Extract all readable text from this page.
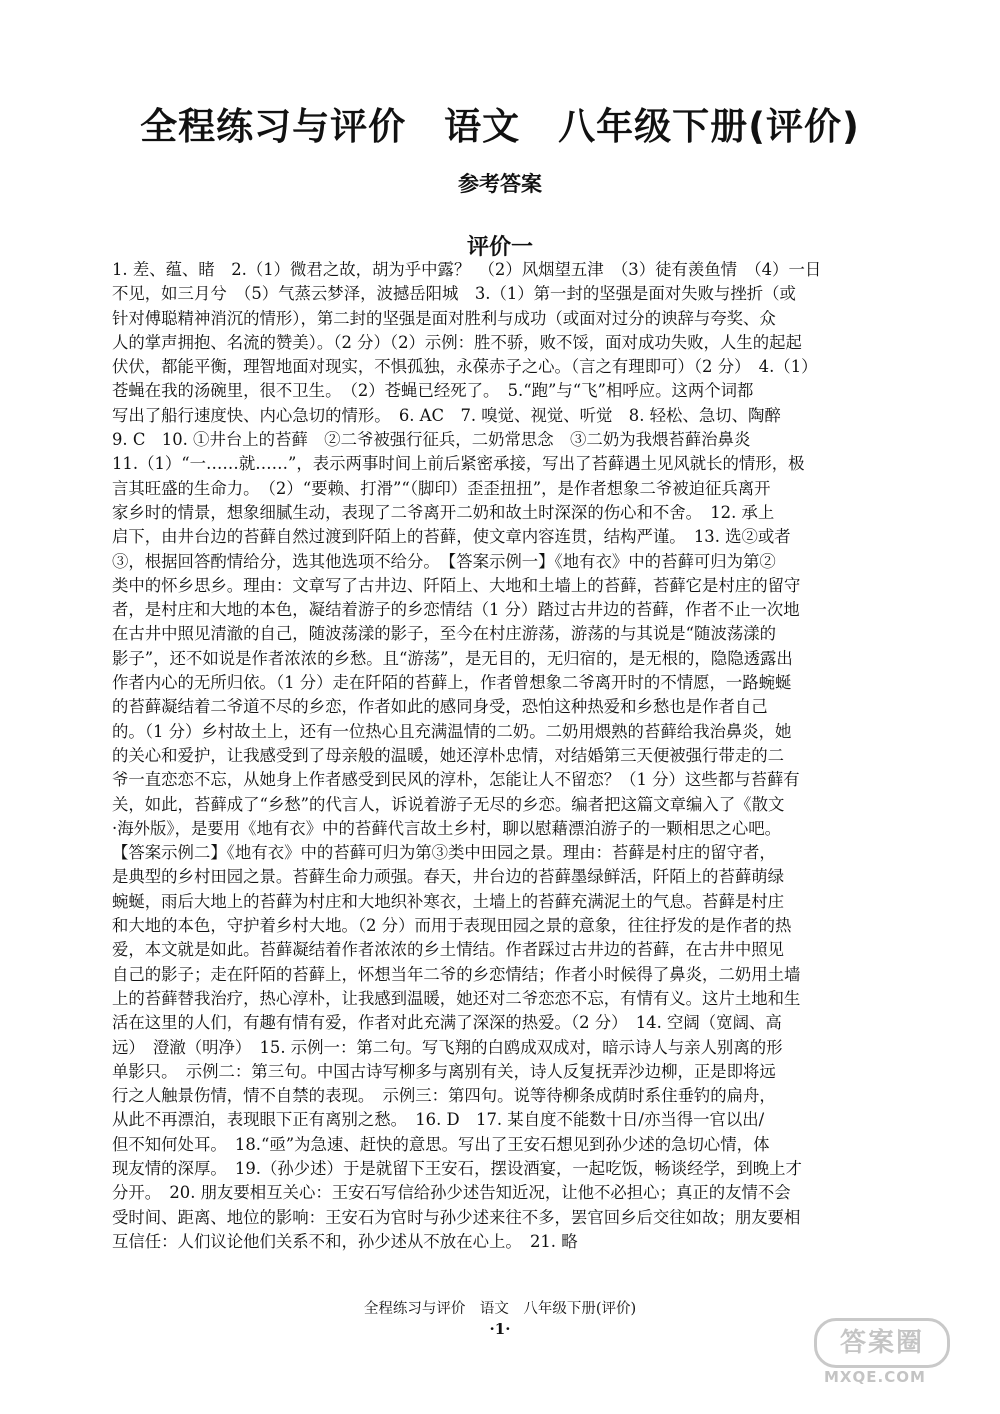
全程练习与评价　语文　八年级下册(评价)
参考答案
评价一
1. 差、蕴、睹　2.（1）微君之故，胡为乎中露？　（2）风烟望五津　（3）徒有羡鱼情　（4）一日
不见，如三月兮　（5）气蒸云梦泽，波撼岳阳城　3.（1）第一封的坚强是面对失败与挫折（或
针对傅聪精神消沉的情形），第二封的坚强是面对胜利与成功（或面对过分的谀辞与夸奖、众
人的掌声拥抱、名流的赞美）。（2 分）（2）示例：胜不骄，败不馁，面对成功失败，人生的起起
伏伏，都能平衡，理智地面对现实，不惧孤独，永葆赤子之心。（言之有理即可）（2 分）　4.（1）
苍蝇在我的汤碗里，很不卫生。　（2）苍蝇已经死了。　5.“跑”与“飞”相呼应。这两个词都
写出了船行速度快、内心急切的情形。　6. AC　7. 嗅觉、视觉、听觉　8. 轻松、急切、陶醉
9. C　10. ①井台上的苔藓　②二爷被强行征兵，二奶常思念　③二奶为我煨苔藓治鼻炎
11.（1）“一……就……”，表示两事时间上前后紧密承接，写出了苔藓遇土见风就长的情形，极
言其旺盛的生命力。　（2）“要赖、打滑”“（脚印）歪歪扭扭”，是作者想象二爷被迫征兵离开
家乡时的情景，想象细腻生动，表现了二爷离开二奶和故土时深深的伤心和不舍。　12. 承上
启下，由井台边的苔藓自然过渡到阡陌上的苔藓，使文章内容连贯，结构严谨。　13. 选②或者
③，根据回答酌情给分，选其他选项不给分。　【答案示例一】《地有衣》中的苔藓可归为第②
类中的怀乡思乡。理由：文章写了古井边、阡陌上、大地和土墙上的苔藓，苔藓它是村庄的留守
者，是村庄和大地的本色，凝结着游子的乡恋情结（1 分）踏过古井边的苔藓，作者不止一次地
在古井中照见清澈的自己，随波荡漾的影子，至今在村庄游荡，游荡的与其说是“随波荡漾的
影子”，还不如说是作者浓浓的乡愁。且“游荡”，是无目的，无归宿的，是无根的，隐隐透露出
作者内心的无所归依。（1 分）走在阡陌的苔藓上，作者曾想象二爷离开时的不情愿，一路蜿蜒
的苔藓凝结着二爷道不尽的乡恋，作者如此的感同身受，恐怕这种热爱和乡愁也是作者自己
的。（1 分）乡村故土上，还有一位热心且充满温情的二奶。二奶用煨熟的苔藓给我治鼻炎，她
的关心和爱护，让我感受到了母亲般的温暖，她还淳朴忠情，对结婚第三天便被强行带走的二
爷一直恋恋不忘，从她身上作者感受到民风的淳朴，怎能让人不留恋？（1 分）这些都与苔藓有
关，如此，苔藓成了“乡愁”的代言人，诉说着游子无尽的乡恋。编者把这篇文章编入了《散文
·海外版》，是要用《地有衣》中的苔藓代言故土乡村，聊以慰藉漂泊游子的一颗相思之心吧。
【答案示例二】《地有衣》中的苔藓可归为第③类中田园之景。理由：苔藓是村庄的留守者，
是典型的乡村田园之景。苔藓生命力顽强。春天，井台边的苔藓墨绿鲜活，阡陌上的苔藓萌绿
蜿蜒，雨后大地上的苔藓为村庄和大地织补寒衣，土墙上的苔藓充满泥土的气息。苔藓是村庄
和大地的本色，守护着乡村大地。（2 分）而用于表现田园之景的意象，往往抒发的是作者的热
爱，本文就是如此。苔藓凝结着作者浓浓的乡土情结。作者踩过古井边的苔藓，在古井中照见
自己的影子；走在阡陌的苔藓上，怀想当年二爷的乡恋情结；作者小时候得了鼻炎，二奶用土墙
上的苔藓替我治疗，热心淳朴，让我感到温暖，她还对二爷恋恋不忘，有情有义。这片土地和生
活在这里的人们，有趣有情有爱，作者对此充满了深深的热爱。（2 分）　14. 空阔（宽阔、高
远）　澄澈（明净）　15. 示例一：第二句。写飞翔的白鸥成双成对，暗示诗人与亲人别离的形
单影只。　示例二：第三句。中国古诗写柳多与离别有关，诗人反复抚弄沙边柳，正是即将远
行之人触景伤情，情不自禁的表现。　示例三：第四句。说等待柳条成荫时系住垂钓的扁舟，
从此不再漂泊，表现眼下正有离别之愁。　16. D　17. 某自度不能数十日/亦当得一官以出/
但不知何处耳。　18.“亟”为急速、赶快的意思。写出了王安石想见到孙少述的急切心情，体
现友情的深厚。　19.（孙少述）于是就留下王安石，摆设酒宴，一起吃饭，畅谈经学，到晚上才
分开。　20. 朋友要相互关心：王安石写信给孙少述告知近况，让他不必担心；真正的友情不会
受时间、距离、地位的影响：王安石为官时与孙少述来往不多，罢官回乡后交往如故；朋友要相
互信任：人们议论他们关系不和，孙少述从不放在心上。　21. 略
全程练习与评价　语文　八年级下册(评价)
·1·	答案圈
MXQE.COM
